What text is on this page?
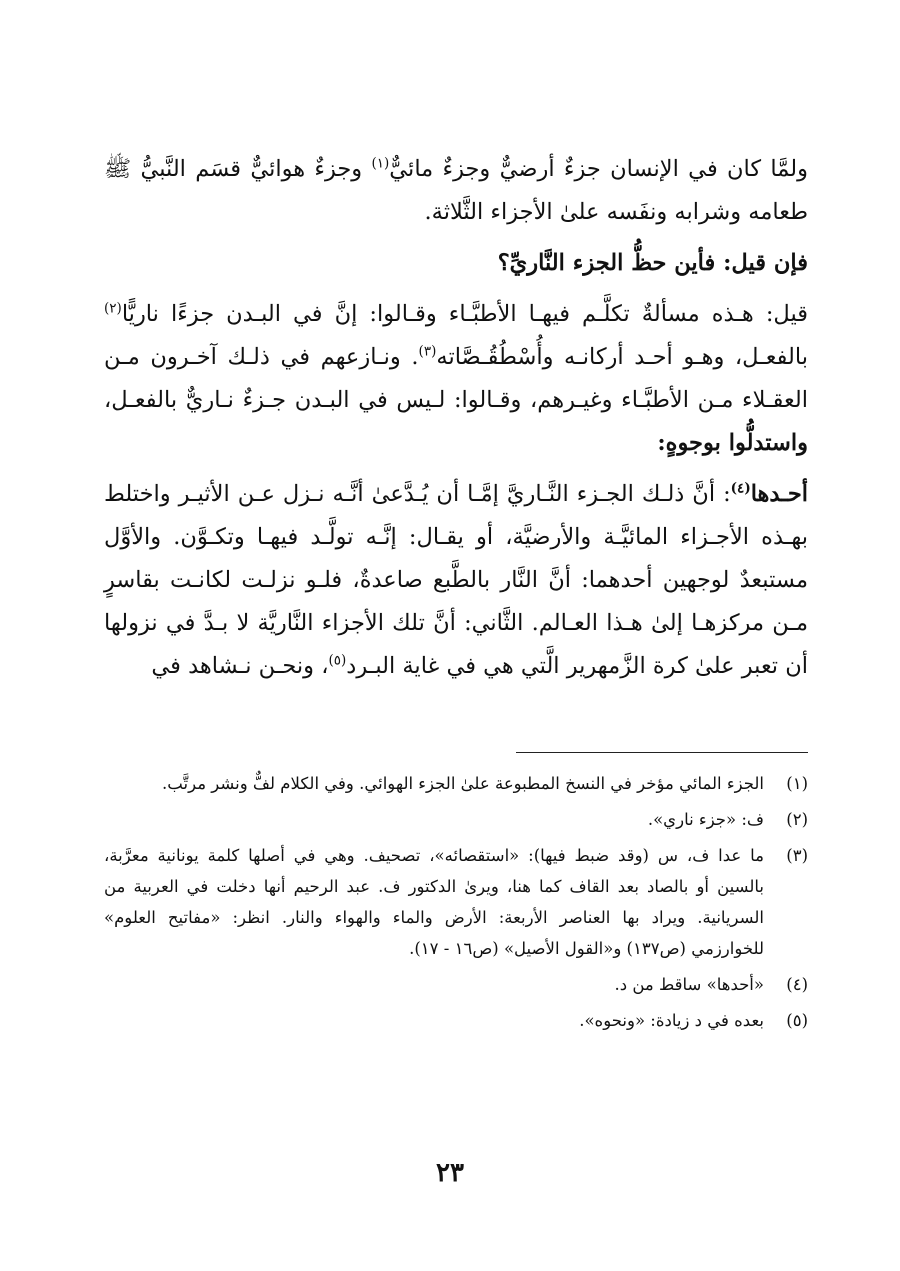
ولمَّا كان في الإنسان جزءٌ أرضيٌّ وجزءٌ مائيٌّ$^{(١)}$ وجزءٌ هوائيٌّ قسَم النَّبيُّ ﷺ طعامه وشرابه ونفَسه علىٰ الأجزاء الثَّلاثة.

فإن قيل: فأين حظُّ الجزء النَّاريِّ؟

قيل: هـذه مسألةٌ تكلَّـم فيهـا الأطبَّـاء وقـالوا: إنَّ في البـدن جزءًا ناريًّا$^{(٢)}$ بالفعـل، وهـو أحـد أركانـه وأُسْطُقُـصَّاته$^{(٣)}$. ونـازعهم في ذلـك آخـرون مـن العقـلاء مـن الأطبَّـاء وغيـرهم، وقـالوا: لـيس في البـدن جـزءٌ نـاريٌّ بالفعـل، واستدلُّوا بوجوهٍ:

أحـدها$^{(٤)}$: أنَّ ذلـك الجـزء النَّـاريَّ إمَّـا أن يُـدَّعىٰ أنَّـه نـزل عـن الأثيـر واختلط بهـذه الأجـزاء المائيَّـة والأرضيَّة، أو يقـال: إنَّـه تولَّـد فيهـا وتكـوَّن. والأوَّل مستبعدٌ لوجهين أحدهما: أنَّ النَّار بالطَّبع صاعدةٌ، فلـو نزلـت لكانـت بقاسرٍ مـن مركزهـا إلىٰ هـذا العـالم. الثَّاني: أنَّ تلك الأجزاء النَّاريَّة لا بـدَّ في نزولها أن تعبر علىٰ كرة الزَّمهرير الَّتي هي في غاية البـرد$^{(٥)}$، ونحـن نـشاهد في

(١)
الجزء المائي مؤخر في النسخ المطبوعة علىٰ الجزء الهوائي. وفي الكلام لفٌّ ونشر مرتَّب.
(٢)
ف: «جزء ناري».
(٣)
ما عدا ف، س (وقد ضبط فيها): «استقصائه»، تصحيف. وهي في أصلها كلمة يونانية معرَّبة، بالسين أو بالصاد بعد القاف كما هنا، ويرىٰ الدكتور ف. عبد الرحيم أنها دخلت في العربية من السريانية. ويراد بها العناصر الأربعة: الأرض والماء والهواء والنار. انظر: «مفاتيح العلوم» للخوارزمي (ص١٣٧) و«القول الأصيل» (ص١٦ - ١٧).
(٤)
«أحدها» ساقط من د.
(٥)
بعده في د زيادة: «ونحوه».
٢٣
